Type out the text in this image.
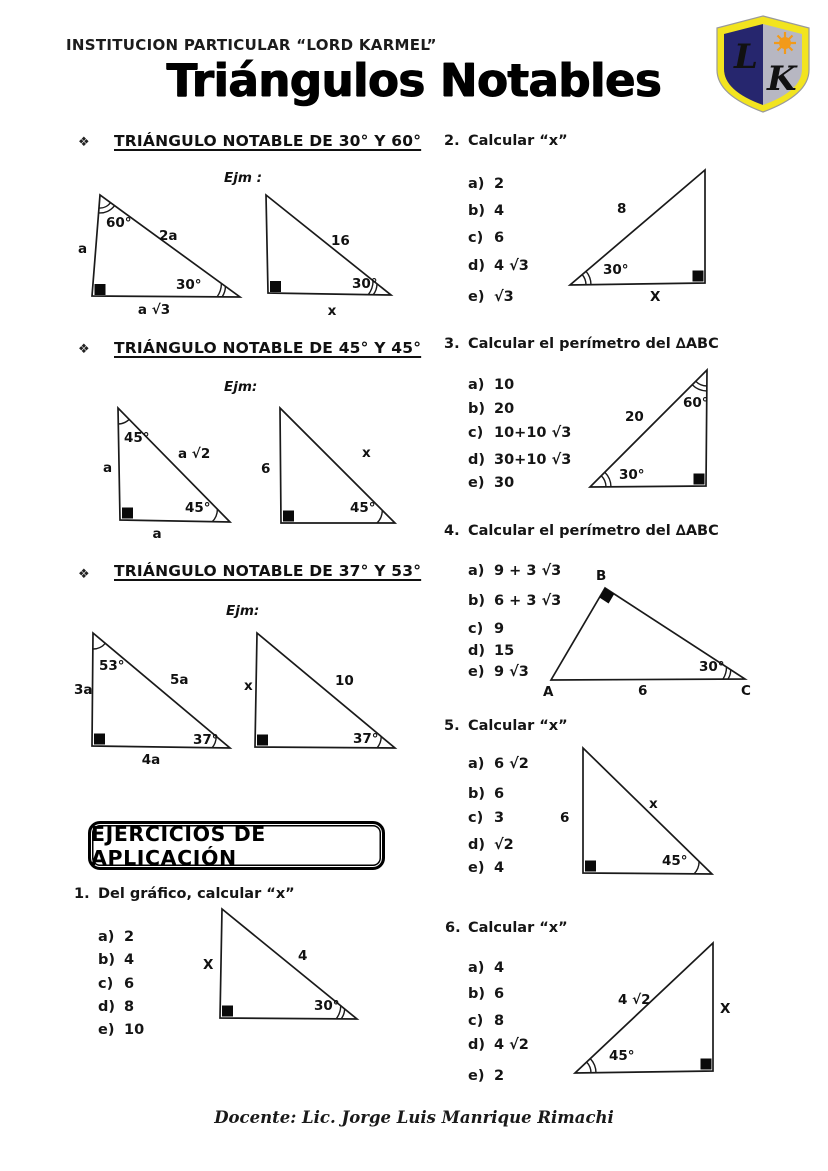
INSTITUCION PARTICULAR “LORD KARMEL”
Triángulos Notables	L
K
❖ TRIÁNGULO NOTABLE DE 30° Y 60°
Ejm :
60°
a
2a
30°
a √3
16
30°
x
❖ TRIÁNGULO NOTABLE DE 45° Y 45°
Ejm:
45°
a √2
a
45°
a
6
x
45°
❖ TRIÁNGULO NOTABLE DE 37° Y 53°
Ejm:
53°
5a
3a
37°
4a
x	10
37°
EJERCICIOS DE APLICACIÓN
1. Del gráfico, calcular “x”
a) 2
b) 4
c) 6
d) 8
e) 10
X
4
30°
2. Calcular “x”
a) 2
b) 4
c) 6
d) 4 √3
e) √3
8
30°
X
3. Calcular el perímetro del ∆ABC
a) 10
b) 20
c) 10+10 √3
d) 30+10 √3
e) 30
20
60°
30°
4. Calcular el perímetro del ∆ABC
a) 9 + 3 √3
b) 6 + 3 √3
c) 9
d) 15
e) 9 √3
B
A	C
6
30°
5. Calcular “x”
a) 6 √2
b) 6
c) 3
d) √2
e) 4
6
x
45°
6. Calcular “x”
a) 4
b) 6
c) 8
d) 4 √2
e) 2
4 √2
X
45°
Docente: Lic. Jorge Luis Manrique Rimachi
